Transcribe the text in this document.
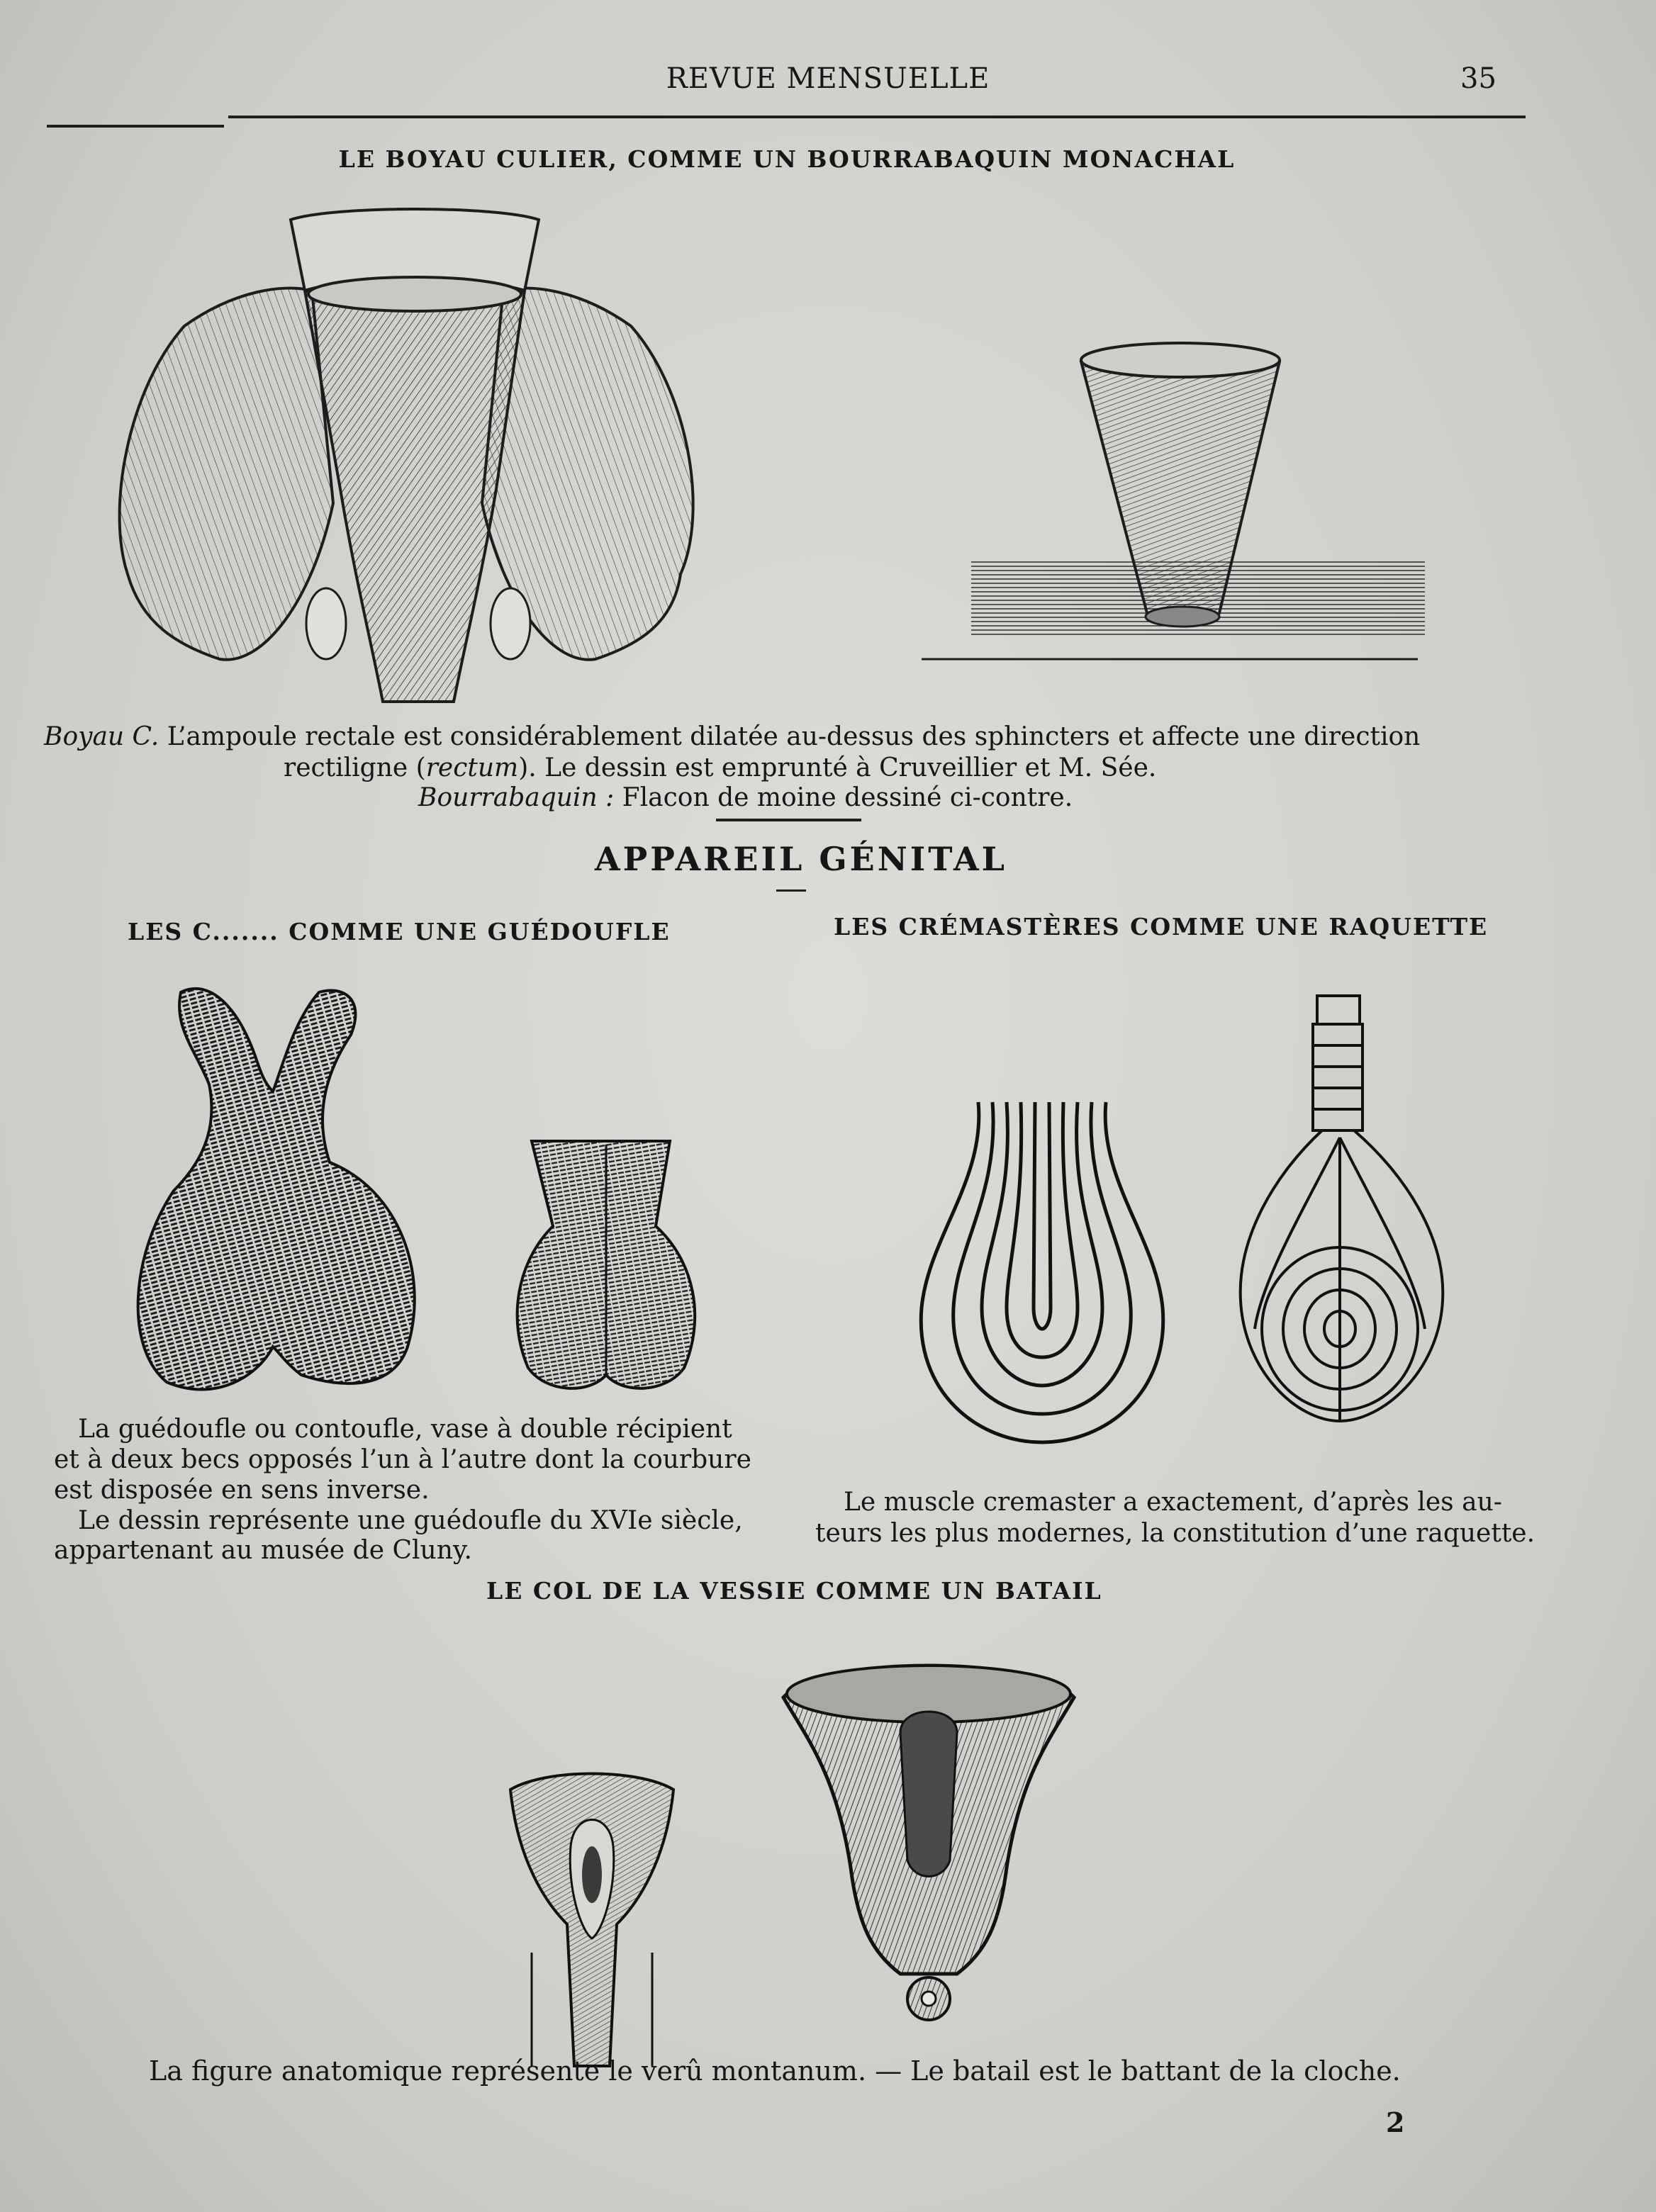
REVUE MENSUELLE	35
LE BOYAU CULIER, COMME UN BOURRABAQUIN MONACHAL
Boyau C. L’ampoule rectale est considérablement dilatée au-dessus des sphincters et affecte une direction
rectiligne (rectum). Le dessin est emprunté à Cruveillier et M. Sée.
Bourrabaquin : Flacon de moine dessiné ci-contre.
APPAREIL GÉNITAL
LES C....... COMME UNE GUÉDOUFLE	LES CRÉMASTÈRES COMME UNE RAQUETTE
La guédoufle ou contoufle, vase à double récipient
et à deux becs opposés l’un à l’autre dont la courbure
est disposée en sens inverse.
Le dessin représente une guédoufle du XVIe siècle,
appartenant au musée de Cluny.
Le muscle cremaster a exactement, d’après les au-
teurs les plus modernes, la constitution d’une raquette.
LE COL DE LA VESSIE COMME UN BATAIL
La figure anatomique représente le verû montanum. — Le batail est le battant de la cloche.
2
